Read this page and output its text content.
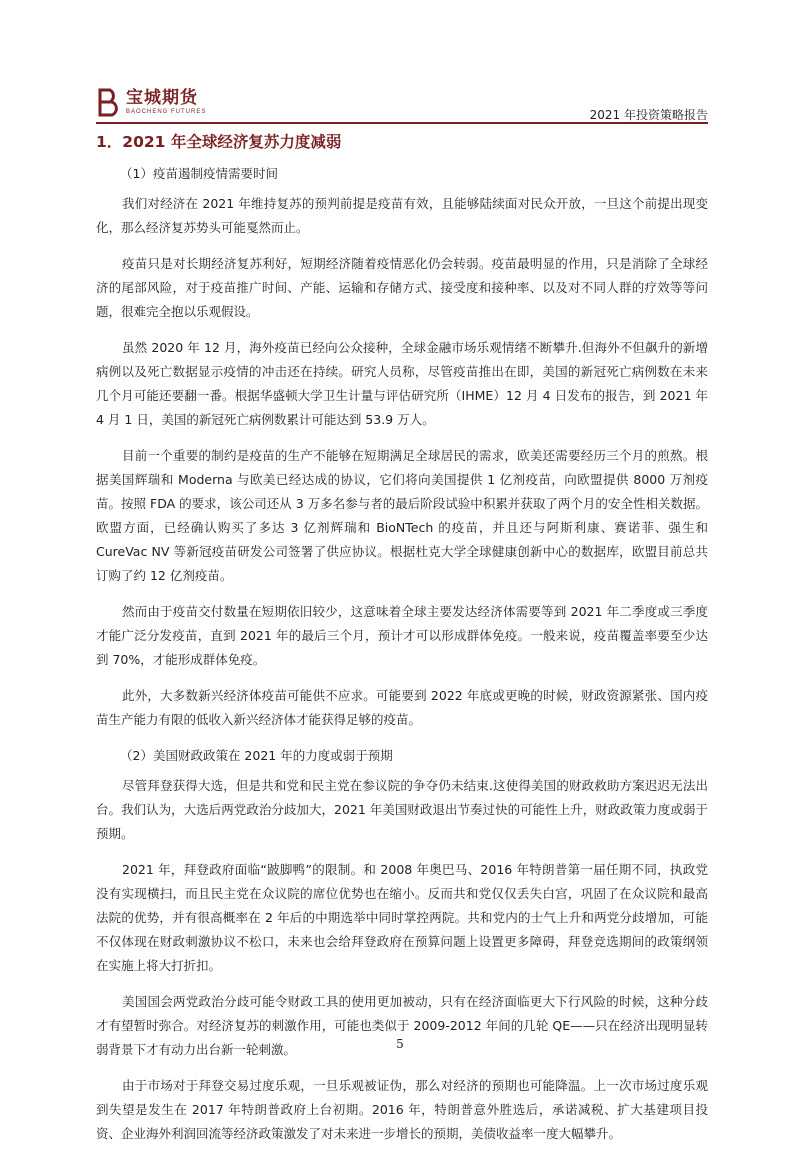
宝城期货
BAOCHENG FUTURES	2021 年投资策略报告
1．2021 年全球经济复苏力度减弱
（1）疫苗遏制疫情需要时间

我们对经济在 2021 年维持复苏的预判前提是疫苗有效，且能够陆续面对民众开放，一旦这个前提出现变化，那么经济复苏势头可能戛然而止。

疫苗只是对长期经济复苏利好，短期经济随着疫情恶化仍会转弱。疫苗最明显的作用，只是消除了全球经济的尾部风险，对于疫苗推广时间、产能、运输和存储方式、接受度和接种率、以及对不同人群的疗效等等问题，很难完全抱以乐观假设。

虽然 2020 年 12 月，海外疫苗已经向公众接种，全球金融市场乐观情绪不断攀升.但海外不但飙升的新增病例以及死亡数据显示疫情的冲击还在持续。研究人员称，尽管疫苗推出在即，美国的新冠死亡病例数在未来几个月可能还要翻一番。根据华盛顿大学卫生计量与评估研究所（IHME）12 月 4 日发布的报告，到 2021 年 4 月 1 日，美国的新冠死亡病例数累计可能达到 53.9 万人。

目前一个重要的制约是疫苗的生产不能够在短期满足全球居民的需求，欧美还需要经历三个月的煎熬。根据美国辉瑞和 Moderna 与欧美已经达成的协议，它们将向美国提供 1 亿剂疫苗，向欧盟提供 8000 万剂疫苗。按照 FDA 的要求，该公司还从 3 万多名参与者的最后阶段试验中积累并获取了两个月的安全性相关数据。欧盟方面，已经确认购买了多达 3 亿剂辉瑞和 BioNTech 的疫苗，并且还与阿斯利康、赛诺菲、强生和 CureVac NV 等新冠疫苗研发公司签署了供应协议。根据杜克大学全球健康创新中心的数据库，欧盟目前总共订购了约 12 亿剂疫苗。

然而由于疫苗交付数量在短期依旧较少，这意味着全球主要发达经济体需要等到 2021 年二季度或三季度才能广泛分发疫苗，直到 2021 年的最后三个月，预计才可以形成群体免疫。一般来说，疫苗覆盖率要至少达到 70%，才能形成群体免疫。

此外，大多数新兴经济体疫苗可能供不应求。可能要到 2022 年底或更晚的时候，财政资源紧张、国内疫苗生产能力有限的低收入新兴经济体才能获得足够的疫苗。

（2）美国财政政策在 2021 年的力度或弱于预期

尽管拜登获得大选，但是共和党和民主党在参议院的争夺仍未结束.这使得美国的财政救助方案迟迟无法出台。我们认为，大选后两党政治分歧加大，2021 年美国财政退出节奏过快的可能性上升，财政政策力度或弱于预期。

2021 年，拜登政府面临“跛脚鸭”的限制。和 2008 年奥巴马、2016 年特朗普第一届任期不同，执政党没有实现横扫，而且民主党在众议院的席位优势也在缩小。反而共和党仅仅丢失白宫，巩固了在众议院和最高法院的优势，并有很高概率在 2 年后的中期选举中同时掌控两院。共和党内的士气上升和两党分歧增加，可能不仅体现在财政刺激协议不松口，未来也会给拜登政府在预算问题上设置更多障碍，拜登竞选期间的政策纲领在实施上将大打折扣。

美国国会两党政治分歧可能令财政工具的使用更加被动，只有在经济面临更大下行风险的时候，这种分歧才有望暂时弥合。对经济复苏的刺激作用，可能也类似于 2009-2012 年间的几轮 QE——只在经济出现明显转弱背景下才有动力出台新一轮刺激。

由于市场对于拜登交易过度乐观，一旦乐观被证伪，那么对经济的预期也可能降温。上一次市场过度乐观到失望是发生在 2017 年特朗普政府上台初期。2016 年，特朗普意外胜选后，承诺减税、扩大基建项目投资、企业海外利润回流等经济政策激发了对未来进一步增长的预期，美债收益率一度大幅攀升。

5
